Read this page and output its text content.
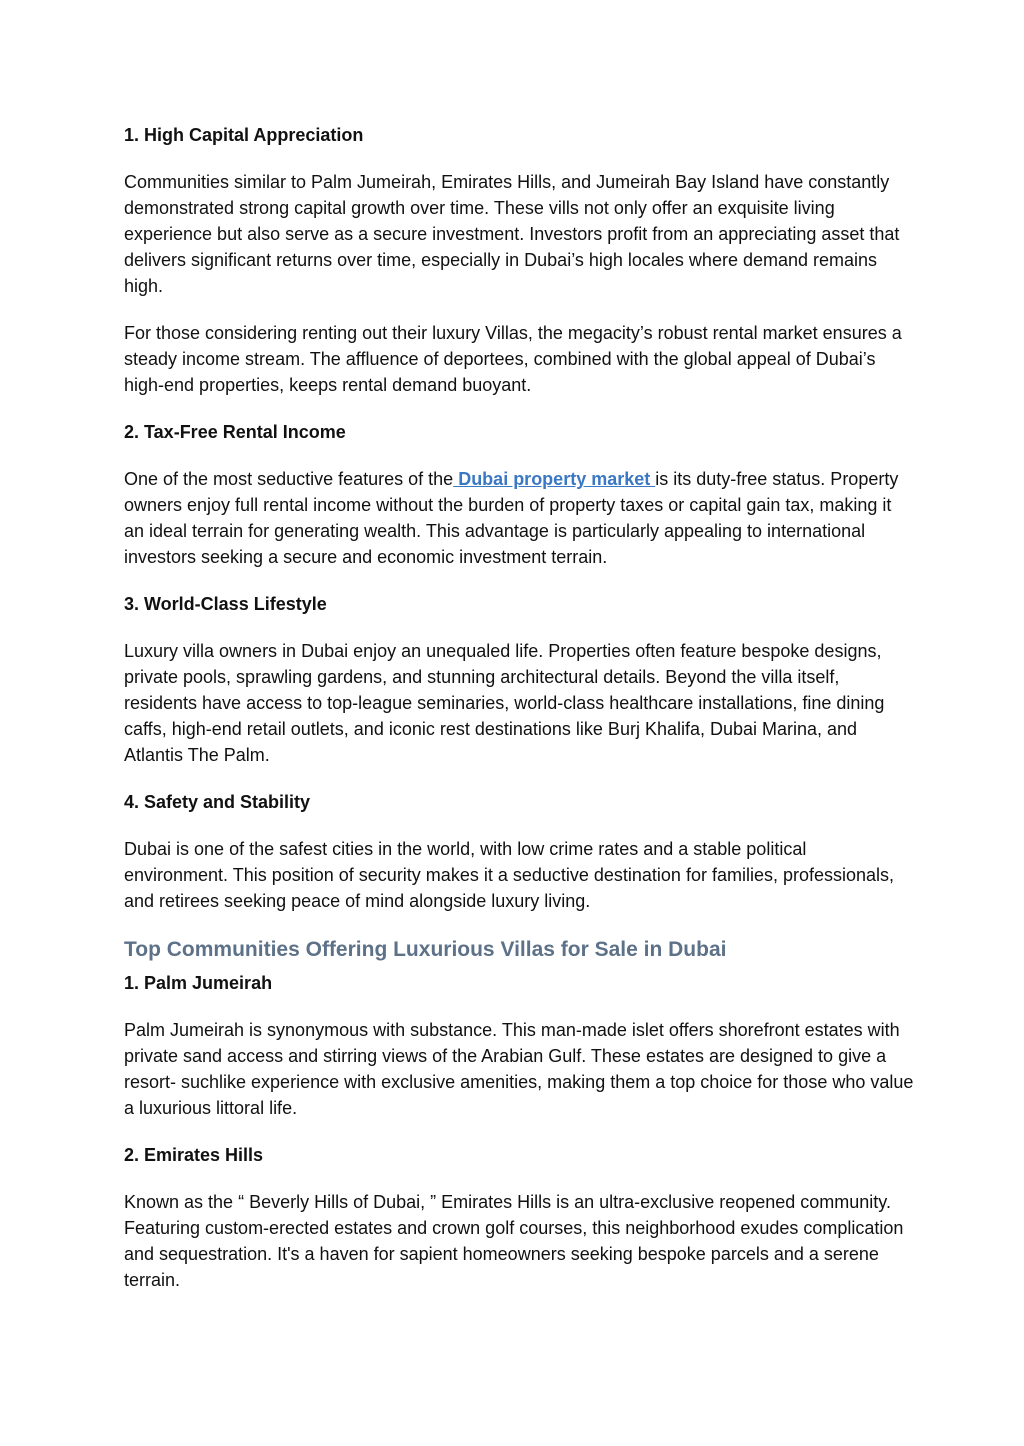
1. High Capital Appreciation

Communities similar to Palm Jumeirah, Emirates Hills, and Jumeirah Bay Island have constantly demonstrated strong capital growth over time. These vills not only offer an exquisite living experience but also serve as a secure investment. Investors profit from an appreciating asset that delivers significant returns over time, especially in Dubai’s high locales where demand remains high.

For those considering renting out their luxury Villas, the megacity’s robust rental market ensures a steady income stream. The affluence of deportees, combined with the global appeal of Dubai’s high-end properties, keeps rental demand buoyant.

2. Tax-Free Rental Income

One of the most seductive features of the Dubai property market is its duty-free status. Property owners enjoy full rental income without the burden of property taxes or capital gain tax, making it an ideal terrain for generating wealth. This advantage is particularly appealing to international investors seeking a secure and economic investment terrain.

3. World-Class Lifestyle

Luxury villa owners in Dubai enjoy an unequaled life. Properties often feature bespoke designs, private pools, sprawling gardens, and stunning architectural details. Beyond the villa itself, residents have access to top-league seminaries, world-class healthcare installations, fine dining caffs, high-end retail outlets, and iconic rest destinations like Burj Khalifa, Dubai Marina, and Atlantis The Palm.

4. Safety and Stability

Dubai is one of the safest cities in the world, with low crime rates and a stable political environment. This position of security makes it a seductive destination for families, professionals, and retirees seeking peace of mind alongside luxury living.

Top Communities Offering Luxurious Villas for Sale in Dubai
1. Palm Jumeirah

Palm Jumeirah is synonymous with substance. This man-made islet offers shorefront estates with private sand access and stirring views of the Arabian Gulf. These estates are designed to give a resort- suchlike experience with exclusive amenities, making them a top choice for those who value a luxurious littoral life.

2. Emirates Hills

Known as the “ Beverly Hills of Dubai, ” Emirates Hills is an ultra-exclusive reopened community. Featuring custom-erected estates and crown golf courses, this neighborhood exudes complication and sequestration. It's a haven for sapient homeowners seeking bespoke parcels and a serene terrain.
